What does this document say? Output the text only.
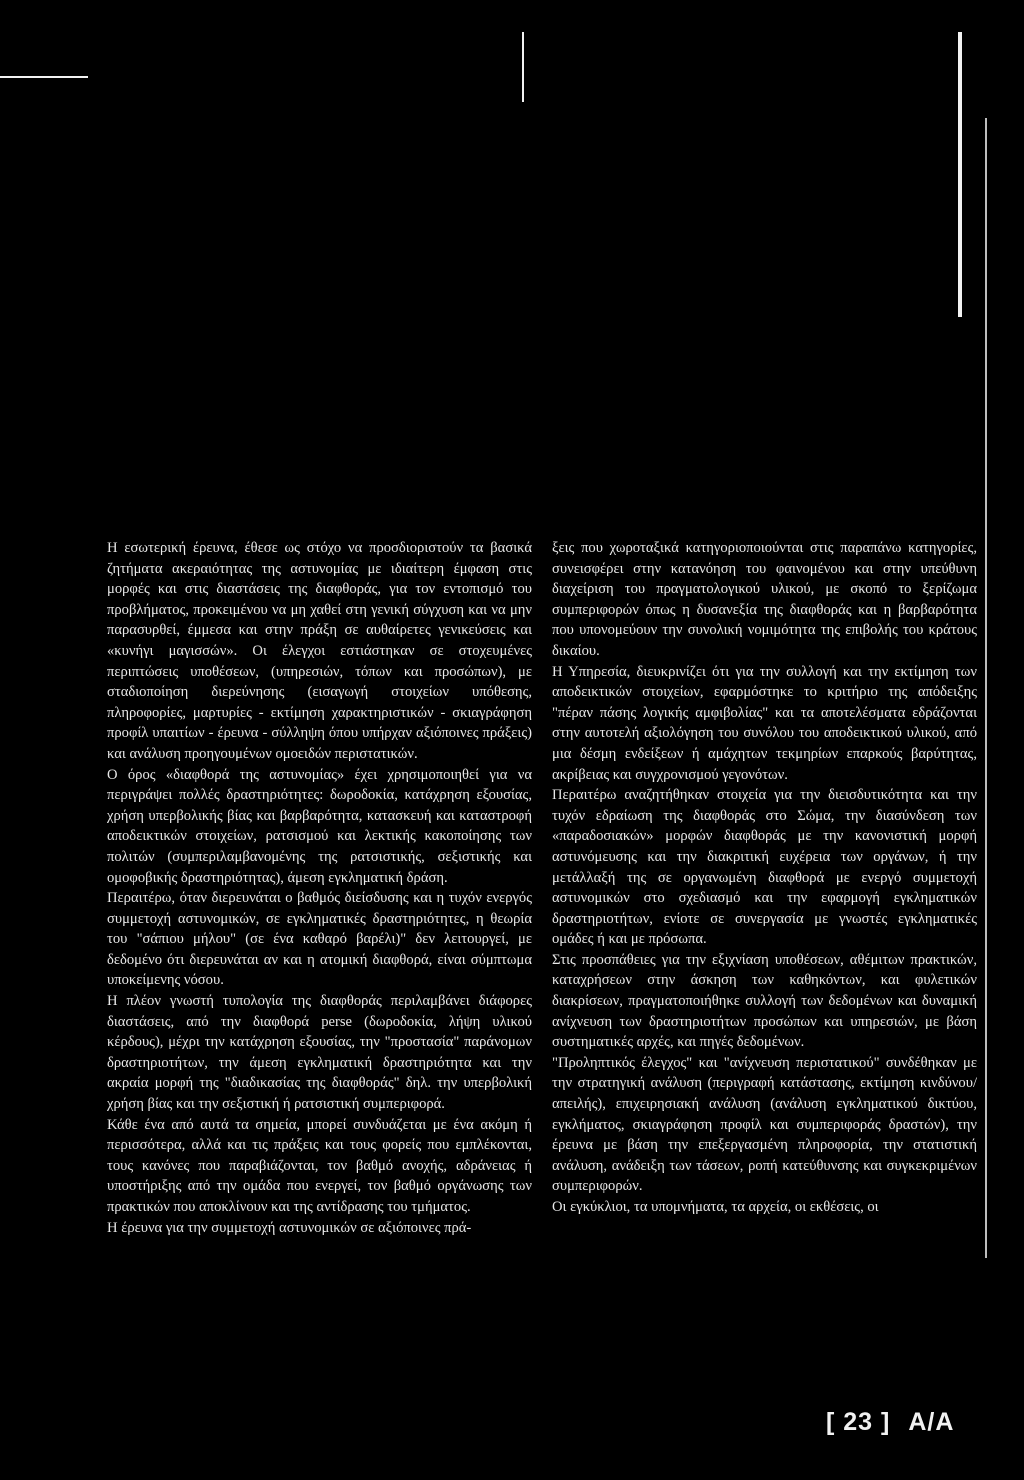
Η εσωτερική έρευνα, έθεσε ως στόχο να προσδιοριστούν τα βασικά ζητήματα ακεραιότητας της αστυνομίας με ιδιαίτερη έμφαση στις μορφές και στις διαστάσεις της διαφθοράς, για τον εντοπισμό του προβλήματος, προκειμένου να μη χαθεί στη γενική σύγχυση και να μην παρασυρθεί, έμμεσα και στην πράξη σε αυθαίρετες γενικεύσεις και «κυνήγι μαγισσών». Οι έλεγχοι εστιάστηκαν σε στοχευμένες περιπτώσεις υποθέσεων, (υπηρεσιών, τόπων και προσώπων), με σταδιοποίηση διερεύνησης (εισαγωγή στοιχείων υπόθεσης, πληροφορίες, μαρτυρίες - εκτίμηση χαρακτηριστικών - σκιαγράφηση προφίλ υπαιτίων - έρευνα - σύλληψη όπου υπήρχαν αξιόποινες πράξεις) και ανάλυση προηγουμένων ομοειδών περιστατικών.

Ο όρος «διαφθορά της αστυνομίας» έχει χρησιμοποιηθεί για να περιγράψει πολλές δραστηριότητες: δωροδοκία, κατάχρηση εξουσίας, χρήση υπερβολικής βίας και βαρβαρότητα, κατασκευή και καταστροφή αποδεικτικών στοιχείων, ρατσισμού και λεκτικής κακοποίησης των πολιτών (συμπεριλαμβανομένης της ρατσιστικής, σεξιστικής και ομοφοβικής δραστηριότητας), άμεση εγκληματική δράση.

Περαιτέρω, όταν διερευνάται ο βαθμός διείσδυσης και η τυχόν ενεργός συμμετοχή αστυνομικών, σε εγκληματικές δραστηριότητες, η θεωρία του "σάπιου μήλου" (σε ένα καθαρό βαρέλι)" δεν λειτουργεί, με δεδομένο ότι διερευνάται αν και η ατομική διαφθορά, είναι σύμπτωμα υποκείμενης νόσου.

Η πλέον γνωστή τυπολογία της διαφθοράς περιλαμβάνει διάφορες διαστάσεις, από την διαφθορά perse (δωροδοκία, λήψη υλικού κέρδους), μέχρι την κατάχρηση εξουσίας, την "προστασία" παράνομων δραστηριοτήτων, την άμεση εγκληματική δραστηριότητα και την ακραία μορφή της "διαδικασίας της διαφθοράς" δηλ. την υπερβολική χρήση βίας και την σεξιστική ή ρατσιστική συμπεριφορά.

Κάθε ένα από αυτά τα σημεία, μπορεί συνδυάζεται με ένα ακόμη ή περισσότερα, αλλά και τις πράξεις και τους φορείς που εμπλέκονται, τους κανόνες που παραβιάζονται, τον βαθμό ανοχής, αδράνειας ή υποστήριξης από την ομάδα που ενεργεί, τον βαθμό οργάνωσης των πρακτικών που αποκλίνουν και της αντίδρασης του τμήματος.

Η έρευνα για την συμμετοχή αστυνομικών σε αξιόποινες πρά-

ξεις που χωροταξικά κατηγοριοποιούνται στις παραπάνω κατηγορίες, συνεισφέρει στην κατανόηση του φαινομένου και στην υπεύθυνη διαχείριση του πραγματολογικού υλικού, με σκοπό το ξερίζωμα συμπεριφορών όπως η δυσανεξία της διαφθοράς και η βαρβαρότητα που υπονομεύουν την συνολική νομιμότητα της επιβολής του κράτους δικαίου.

Η Υπηρεσία, διευκρινίζει ότι για την συλλογή και την εκτίμηση των αποδεικτικών στοιχείων, εφαρμόστηκε το κριτήριο της απόδειξης "πέραν πάσης λογικής αμφιβολίας" και τα αποτελέσματα εδράζονται στην αυτοτελή αξιολόγηση του συνόλου του αποδεικτικού υλικού, από μια δέσμη ενδείξεων ή αμάχητων τεκμηρίων επαρκούς βαρύτητας, ακρίβειας και συγχρονισμού γεγονότων.

Περαιτέρω αναζητήθηκαν στοιχεία για την διεισδυτικότητα και την τυχόν εδραίωση της διαφθοράς στο Σώμα, την διασύνδεση των «παραδοσιακών» μορφών διαφθοράς με την κανονιστική μορφή αστυνόμευσης και την διακριτική ευχέρεια των οργάνων, ή την μετάλλαξή της σε οργανωμένη διαφθορά με ενεργό συμμετοχή αστυνομικών στο σχεδιασμό και την εφαρμογή εγκληματικών δραστηριοτήτων, ενίοτε σε συνεργασία με γνωστές εγκληματικές ομάδες ή και με πρόσωπα.

Στις προσπάθειες για την εξιχνίαση υποθέσεων, αθέμιτων πρακτικών, καταχρήσεων στην άσκηση των καθηκόντων, και φυλετικών διακρίσεων, πραγματοποιήθηκε συλλογή των δεδομένων και δυναμική ανίχνευση των δραστηριοτήτων προσώπων και υπηρεσιών, με βάση συστηματικές αρχές, και πηγές δεδομένων.

"Προληπτικός έλεγχος" και "ανίχνευση περιστατικού" συνδέθηκαν με την στρατηγική ανάλυση (περιγραφή κατάστασης, εκτίμηση κινδύνου/απειλής), επιχειρησιακή ανάλυση (ανάλυση εγκληματικού δικτύου, εγκλήματος, σκιαγράφηση προφίλ και συμπεριφοράς δραστών), την έρευνα με βάση την επεξεργασμένη πληροφορία, την στατιστική ανάλυση, ανάδειξη των τάσεων, ροπή κατεύθυνσης και συγκεκριμένων συμπεριφορών.

Οι εγκύκλιοι, τα υπομνήματα, τα αρχεία, οι εκθέσεις, οι

[ 23 ] A/A
